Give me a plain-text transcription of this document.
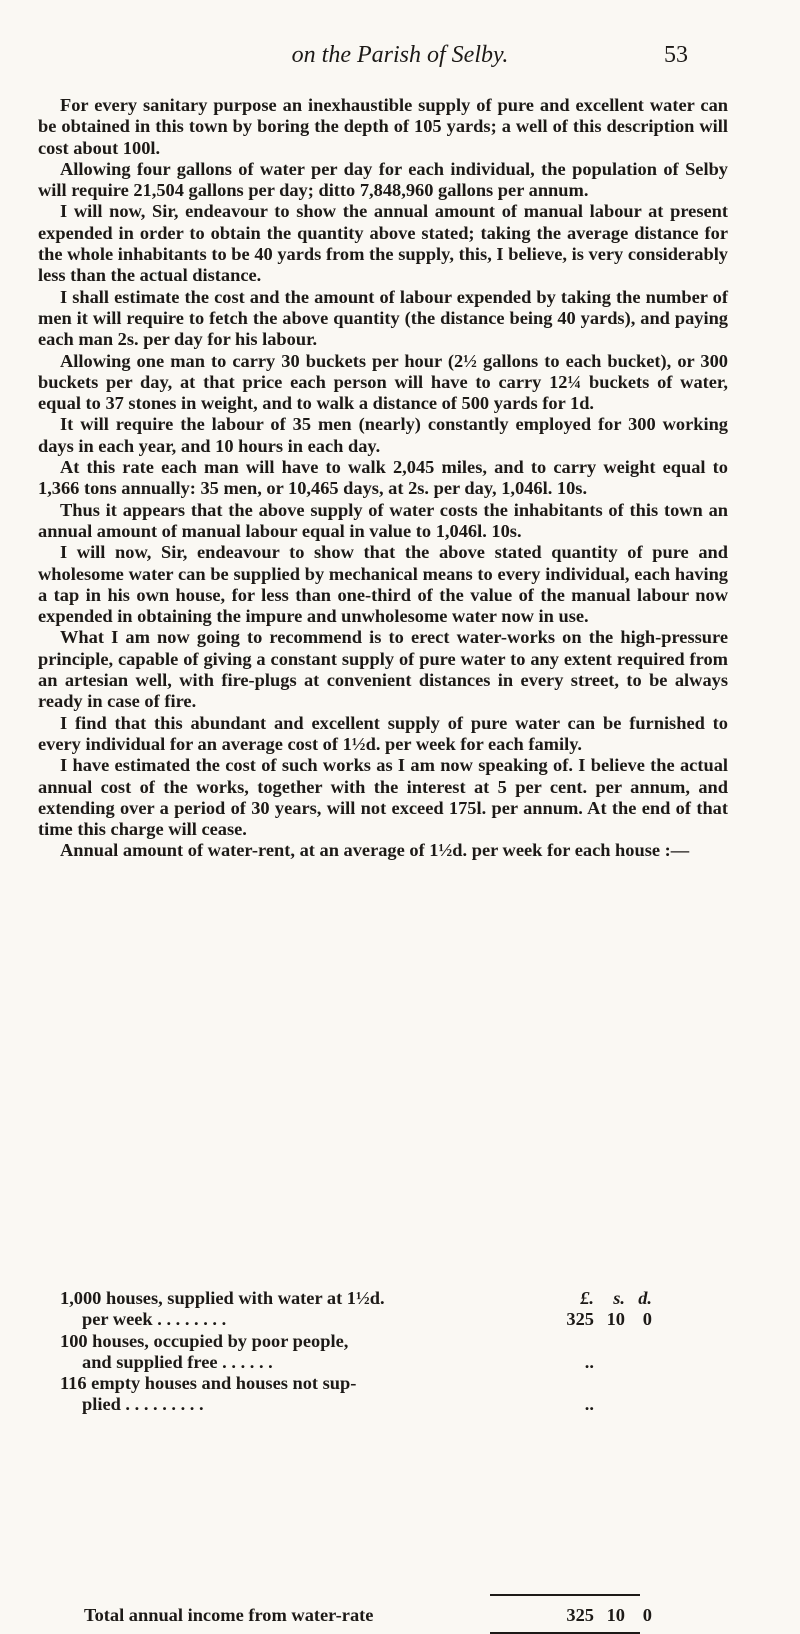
on the Parish of Selby.	53

For every sanitary purpose an inexhaustible supply of pure and excellent water can be obtained in this town by boring the depth of 105 yards; a well of this description will cost about 100l.

Allowing four gallons of water per day for each individual, the population of Selby will require 21,504 gallons per day; ditto 7,848,960 gallons per annum.

I will now, Sir, endeavour to show the annual amount of manual labour at present expended in order to obtain the quantity above stated; taking the average distance for the whole inhabitants to be 40 yards from the supply, this, I believe, is very considerably less than the actual distance.

I shall estimate the cost and the amount of labour expended by taking the number of men it will require to fetch the above quantity (the distance being 40 yards), and paying each man 2s. per day for his labour.

Allowing one man to carry 30 buckets per hour (2½ gallons to each bucket), or 300 buckets per day, at that price each person will have to carry 12¼ buckets of water, equal to 37 stones in weight, and to walk a distance of 500 yards for 1d.

It will require the labour of 35 men (nearly) constantly employed for 300 working days in each year, and 10 hours in each day.

At this rate each man will have to walk 2,045 miles, and to carry weight equal to 1,366 tons annually: 35 men, or 10,465 days, at 2s. per day, 1,046l. 10s.

Thus it appears that the above supply of water costs the inhabitants of this town an annual amount of manual labour equal in value to 1,046l. 10s.

I will now, Sir, endeavour to show that the above stated quantity of pure and wholesome water can be supplied by mechanical means to every individual, each having a tap in his own house, for less than one-third of the value of the manual labour now expended in obtaining the impure and unwholesome water now in use.

What I am now going to recommend is to erect water-works on the high-pressure principle, capable of giving a constant supply of pure water to any extent required from an artesian well, with fire-plugs at convenient distances in every street, to be always ready in case of fire.

I find that this abundant and excellent supply of pure water can be furnished to every individual for an average cost of 1½d. per week for each family.

I have estimated the cost of such works as I am now speaking of. I believe the actual annual cost of the works, together with the interest at 5 per cent. per annum, and extending over a period of 30 years, will not exceed 175l. per annum. At the end of that time this charge will cease.

Annual amount of water-rent, at an average of 1½d. per week for each house :—

1,000 houses, supplied with water at 1½d.	£.	s. d.
per week . . . . . . . .	325 10 0
100 houses, occupied by poor people,
and supplied free . . . . . .	..
116 empty houses and houses not sup-
plied . . . . . . . . .	..
Total annual income from water-rate	325 10 0
